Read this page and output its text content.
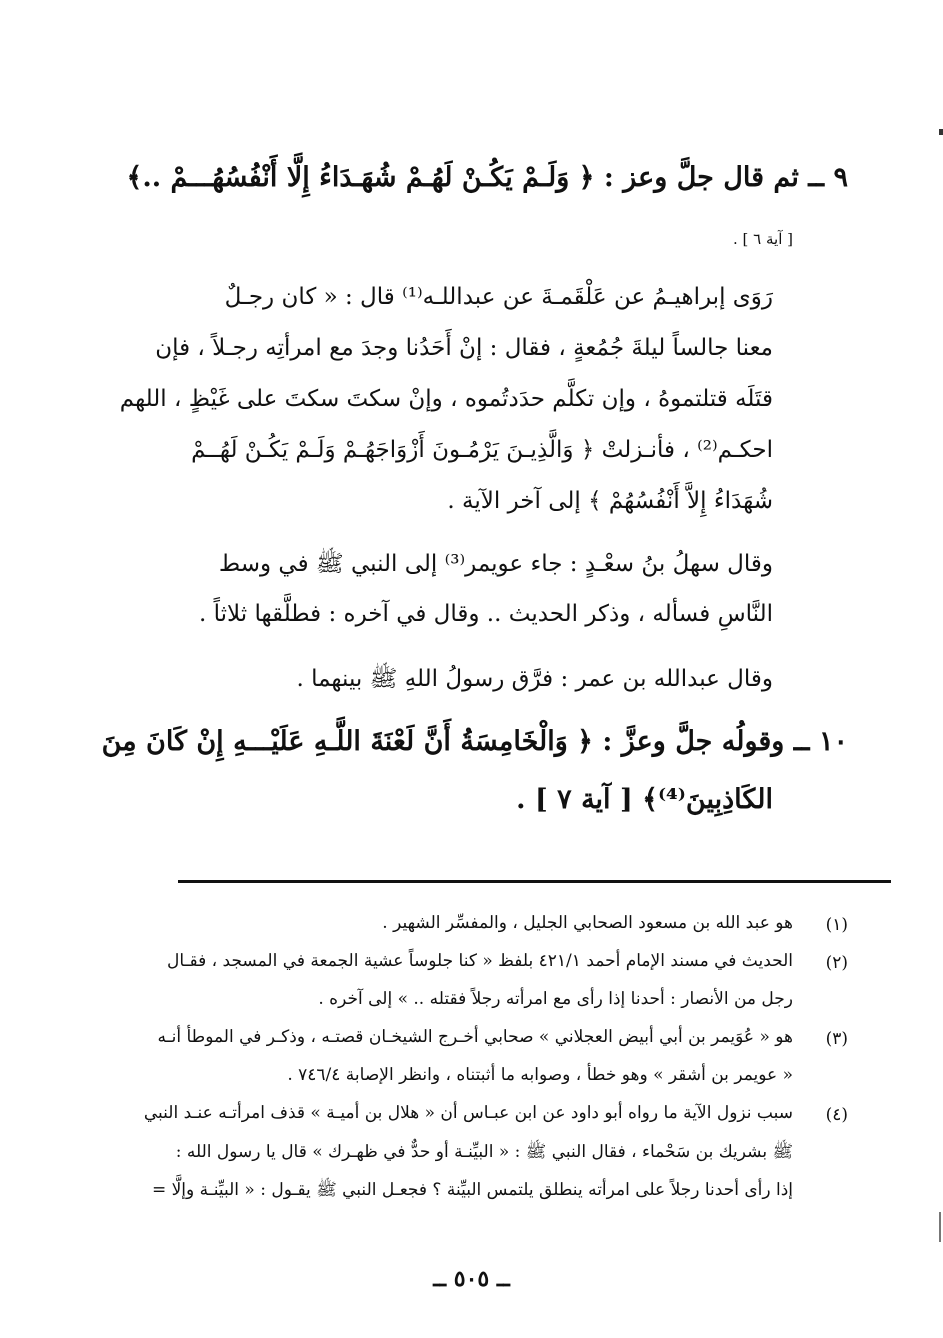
٩ ــ ثم قال جلَّ وعز : ﴿ وَلَـمْ يَكُـنْ لَهُـمْ شُهَـدَاءُ إِلَّا أَنْفُسُهُـــمْ ..﴾
[ آية ٦ ] .
رَوَى إبراهيـمُ عن عَلْقَمـةَ عن عبداللـه⁽¹⁾ قال : « كان رجـلٌ
معنا جالساً ليلةَ جُمُعةٍ ، فقال : إنْ أَحَدُنا وجدَ مع امرأتِه رجـلاً ، فإن
قتَلَه قتلتموهُ ، وإن تكلَّم حدَدتُموه ، وإنْ سكتَ سكتَ على غَيْظٍ ، اللهم
احكـم⁽²⁾ ، فأنـزلتْ ﴿ وَالَّذِيـنَ يَرْمُـونَ أَزْوَاجَهُـمْ وَلَـمْ يَكُـنْ لَهُــمْ
شُهَدَاءُ إِلاَّ أَنْفُسُهُمْ ﴾ إلى آخر الآية .
وقال سهلُ بنُ سعْـدٍ : جاء عويمر⁽³⁾ إلى النبي ﷺ في وسط
النَّاسِ فسأله ، وذكر الحديث .. وقال في آخره : فطلَّقها ثلاثاً .
وقال عبدالله بن عمر : فرَّق رسولُ اللهِ ﷺ بينهما .
١٠ ــ وقولُه جلَّ وعزَّ : ﴿ وَالْخَامِسَةُ أَنَّ لَعْنَةَ اللَّـهِ عَلَيْـــهِ إِنْ كَانَ مِنَ
الكَاذِبِينَ⁽⁴⁾﴾ [ آية ٧ ] .
(١)
هو عبد الله بن مسعود الصحابي الجليل ، والمفسِّر الشهير .
(٢)
الحديث في مسند الإمام أحمد ٤٢١/١ بلفظ « كنا جلوساً عشية الجمعة في المسجد ، فقـال
رجل من الأنصار : أحدنا إذا رأى مع امرأته رجلاً فقتله .. » إلى آخره .
(٣)
هو « عُوَيمر بن أبي أبيض العجلاني » صحابي أخـرج الشيخـان قصتـه ، وذكـر في الموطأ أنـه
« عويمر بن أشقر » وهو خطأ ، وصوابه ما أثبتناه ، وانظر الإصابة ٧٤٦/٤ .
(٤)
سبب نزول الآية ما رواه أبو داود عن ابن عبـاس أن « هلال بن أميـة » قذف امرأتـه عنـد النبي
ﷺ بشريك بن سَحْماء ، فقال النبي ﷺ : « البيِّنـة أو حدٌّ في ظهـرك » قال يا رسول الله :
إذا رأى أحدنا رجلاً على امرأته ينطلق يلتمس البيِّنة ؟ فجعـل النبي ﷺ يقـول : « البيِّنـة وإلَّا =
ــ ٥٠٥ ــ
